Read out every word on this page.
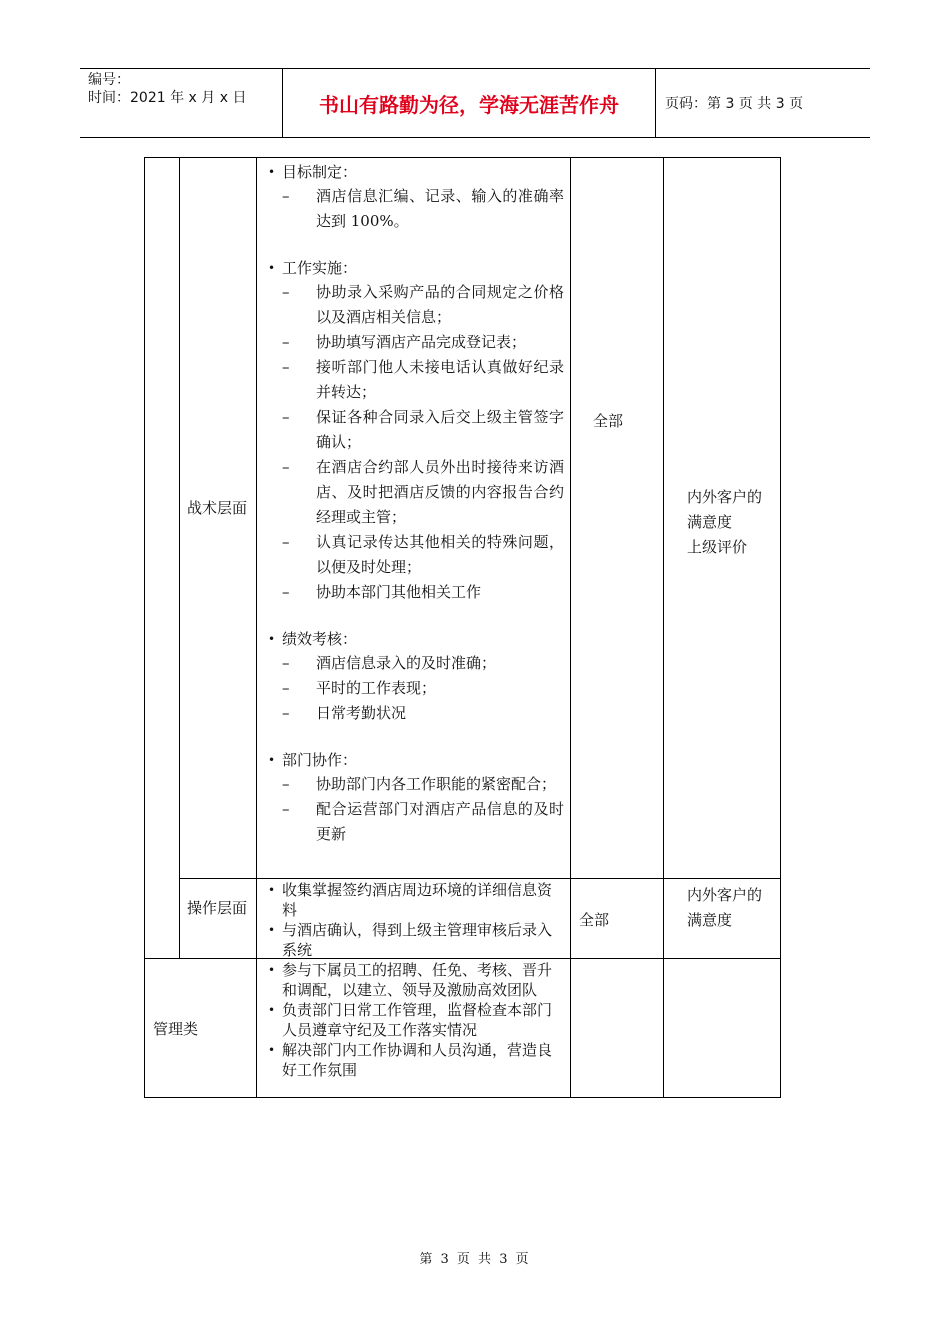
编号：
时间：2021 年 x 月 x 日	书山有路勤为径，学海无涯苦作舟	页码：第 3 页 共 3 页
战术层面
• 目标制定：
– 酒店信息汇编、记录、输入的准确率达到 100%。
• 工作实施：
– 协助录入采购产品的合同规定之价格以及酒店相关信息；
– 协助填写酒店产品完成登记表；
– 接听部门他人未接电话认真做好纪录并转达；
– 保证各种合同录入后交上级主管签字确认；
– 在酒店合约部人员外出时接待来访酒店、及时把酒店反馈的内容报告合约经理或主管；
– 认真记录传达其他相关的特殊问题，以便及时处理；
– 协助本部门其他相关工作
• 绩效考核：
– 酒店信息录入的及时准确；
– 平时的工作表现；
– 日常考勤状况
• 部门协作：
– 协助部门内各工作职能的紧密配合；
– 配合运营部门对酒店产品信息的及时更新
全部
内外客户的
满意度
上级评价
操作层面
• 收集掌握签约酒店周边环境的详细信息资料
• 与酒店确认，得到上级主管理审核后录入系统
全部
内外客户的
满意度
管理类
• 参与下属员工的招聘、任免、考核、晋升和调配，以建立、领导及激励高效团队
• 负责部门日常工作管理，监督检查本部门人员遵章守纪及工作落实情况
• 解决部门内工作协调和人员沟通，营造良好工作氛围
第 3 页 共 3 页
